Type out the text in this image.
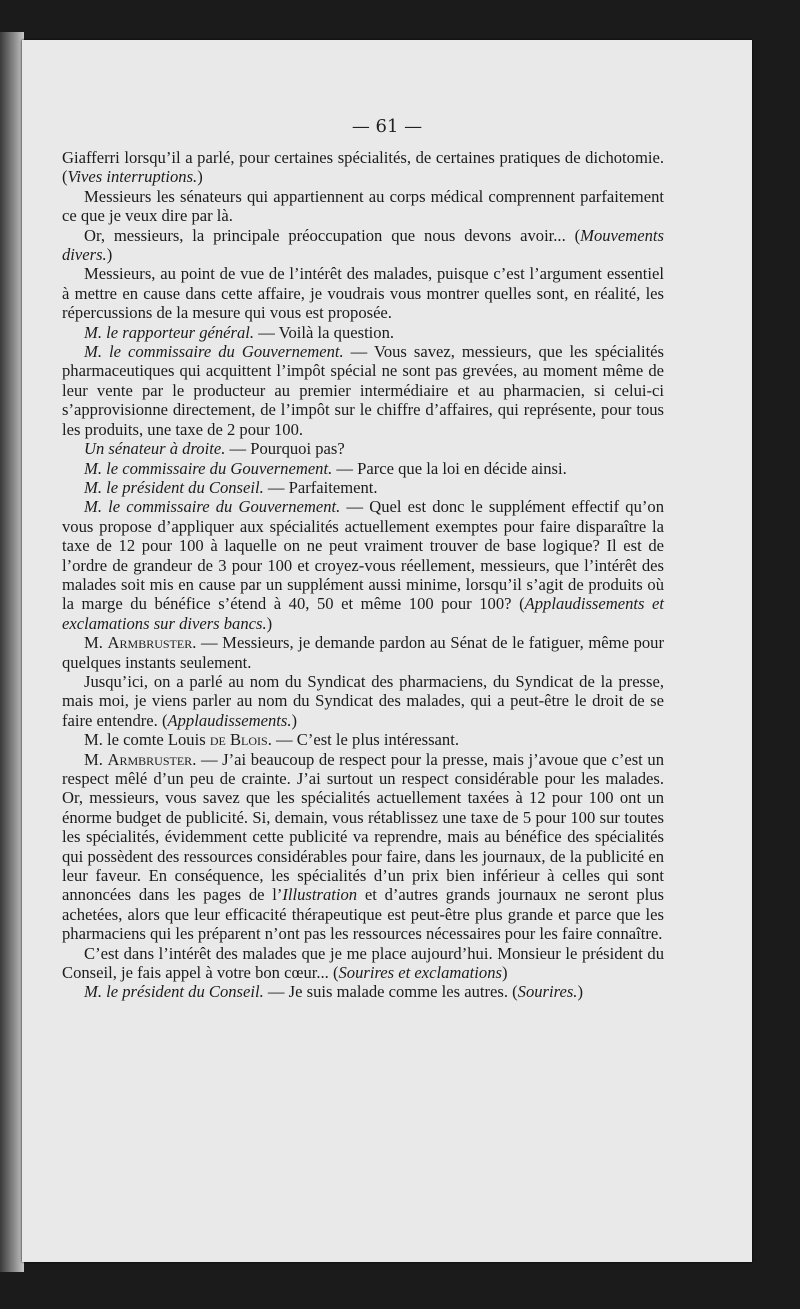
— 61 —

Giafferri lorsqu’il a parlé, pour certaines spécialités, de certaines pratiques de dichotomie. (Vives interruptions.)

Messieurs les sénateurs qui appartiennent au corps médical comprennent parfaitement ce que je veux dire par là.

Or, messieurs, la principale préoccupation que nous devons avoir... (Mouvements divers.)

Messieurs, au point de vue de l’intérêt des malades, puisque c’est l’argument essentiel à mettre en cause dans cette affaire, je voudrais vous montrer quelles sont, en réalité, les répercussions de la mesure qui vous est proposée.

M. le rapporteur général. — Voilà la question.

M. le commissaire du Gouvernement. — Vous savez, messieurs, que les spécialités pharmaceutiques qui acquittent l’impôt spécial ne sont pas grevées, au moment même de leur vente par le producteur au premier intermédiaire et au pharmacien, si celui-ci s’approvisionne directement, de l’impôt sur le chiffre d’affaires, qui représente, pour tous les produits, une taxe de 2 pour 100.

Un sénateur à droite. — Pourquoi pas?

M. le commissaire du Gouvernement. — Parce que la loi en décide ainsi.

M. le président du Conseil. — Parfaitement.

M. le commissaire du Gouvernement. — Quel est donc le supplément effectif qu’on vous propose d’appliquer aux spécialités actuellement exemptes pour faire disparaître la taxe de 12 pour 100 à laquelle on ne peut vraiment trouver de base logique? Il est de l’ordre de grandeur de 3 pour 100 et croyez-vous réellement, messieurs, que l’intérêt des malades soit mis en cause par un supplément aussi minime, lorsqu’il s’agit de produits où la marge du bénéfice s’étend à 40, 50 et même 100 pour 100? (Applaudissements et exclamations sur divers bancs.)

M. Armbruster. — Messieurs, je demande pardon au Sénat de le fatiguer, même pour quelques instants seulement.

Jusqu’ici, on a parlé au nom du Syndicat des pharmaciens, du Syndicat de la presse, mais moi, je viens parler au nom du Syndicat des malades, qui a peut-être le droit de se faire entendre. (Applaudissements.)

M. le comte Louis de Blois. — C’est le plus intéressant.

M. Armbruster. — J’ai beaucoup de respect pour la presse, mais j’avoue que c’est un respect mêlé d’un peu de crainte. J’ai surtout un respect considérable pour les malades. Or, messieurs, vous savez que les spécialités actuellement taxées à 12 pour 100 ont un énorme budget de publicité. Si, demain, vous rétablissez une taxe de 5 pour 100 sur toutes les spécialités, évidemment cette publicité va reprendre, mais au bénéfice des spécialités qui possèdent des ressources considérables pour faire, dans les journaux, de la publicité en leur faveur. En conséquence, les spécialités d’un prix bien inférieur à celles qui sont annoncées dans les pages de l’Illustration et d’autres grands journaux ne seront plus achetées, alors que leur efficacité thérapeutique est peut-être plus grande et parce que les pharmaciens qui les préparent n’ont pas les ressources nécessaires pour les faire connaître.

C’est dans l’intérêt des malades que je me place aujourd’hui. Monsieur le président du Conseil, je fais appel à votre bon cœur... (Sourires et exclamations)

M. le président du Conseil. — Je suis malade comme les autres. (Sourires.)
